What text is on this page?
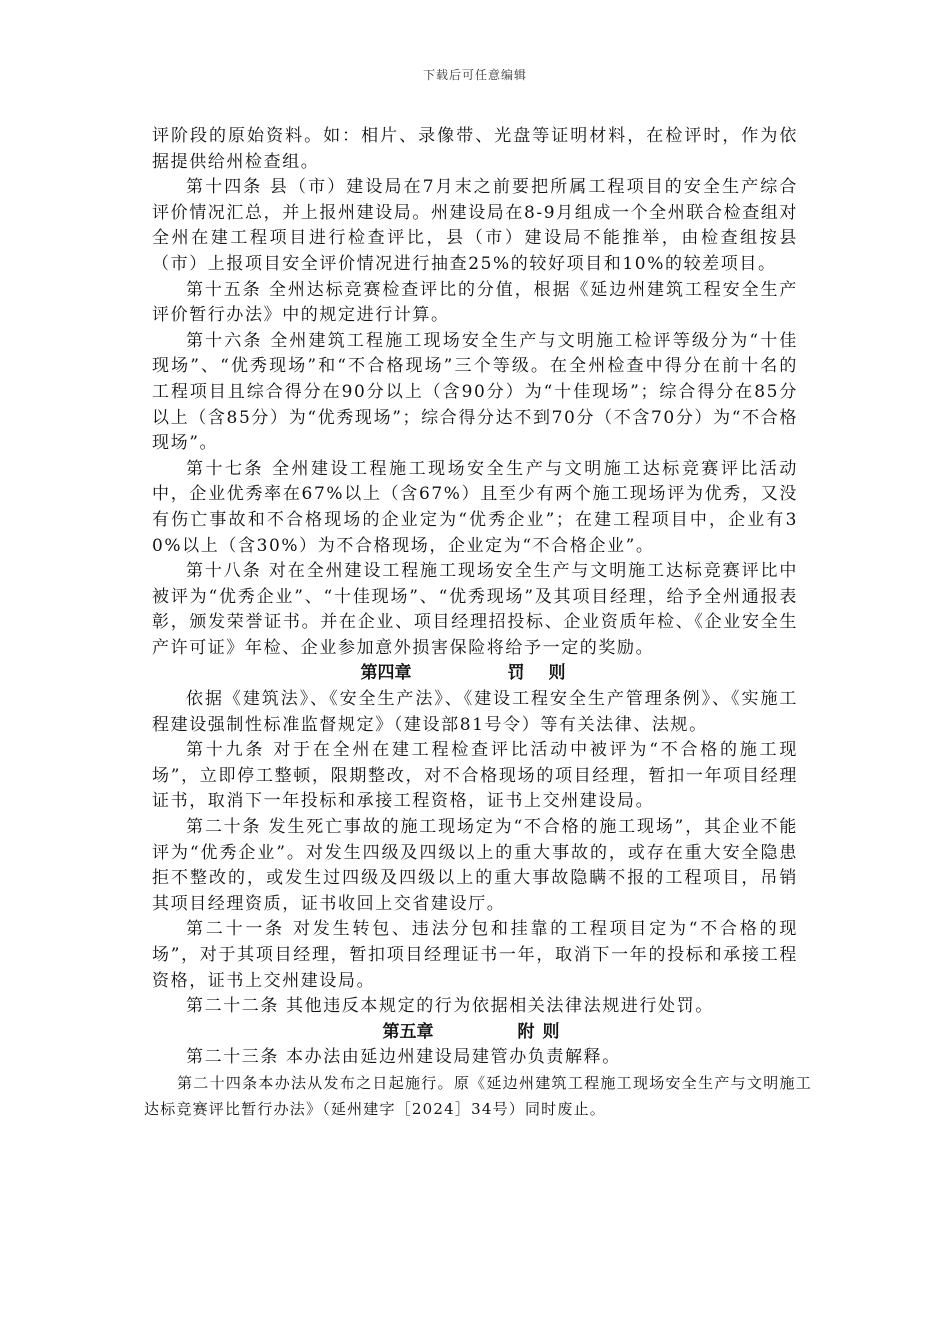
下载后可任意编辑

评阶段的原始资料。如：相片、录像带、光盘等证明材料，在检评时，作为依据提供给州检查组。

第十四条 县（市）建设局在7月末之前要把所属工程项目的安全生产综合评价情况汇总，并上报州建设局。州建设局在8-9月组成一个全州联合检查组对全州在建工程项目进行检查评比，县（市）建设局不能推举，由检查组按县（市）上报项目安全评价情况进行抽查25%的较好项目和10%的较差项目。

第十五条 全州达标竞赛检查评比的分值，根据《延边州建筑工程安全生产评价暂行办法》中的规定进行计算。

第十六条 全州建筑工程施工现场安全生产与文明施工检评等级分为“十佳现场”、“优秀现场”和“不合格现场”三个等级。在全州检查中得分在前十名的工程项目且综合得分在90分以上（含90分）为“十佳现场”；综合得分在85分以上（含85分）为“优秀现场”；综合得分达不到70分（不含70分）为“不合格现场”。

第十七条 全州建设工程施工现场安全生产与文明施工达标竞赛评比活动中，企业优秀率在67%以上（含67%）且至少有两个施工现场评为优秀，又没有伤亡事故和不合格现场的企业定为“优秀企业”；在建工程项目中，企业有30%以上（含30%）为不合格现场，企业定为“不合格企业”。

第十八条 对在全州建设工程施工现场安全生产与文明施工达标竞赛评比中被评为“优秀企业”、“十佳现场”、“优秀现场”及其项目经理，给予全州通报表彰，颁发荣誉证书。并在企业、项目经理招投标、企业资质年检、《企业安全生产许可证》年检、企业参加意外损害保险将给予一定的奖励。

第四章	罚则

依据《建筑法》、《安全生产法》、《建设工程安全生产管理条例》、《实施工程建设强制性标准监督规定》（建设部81号令）等有关法律、法规。

第十九条 对于在全州在建工程检查评比活动中被评为“不合格的施工现场”，立即停工整顿，限期整改，对不合格现场的项目经理，暂扣一年项目经理证书，取消下一年投标和承接工程资格，证书上交州建设局。

第二十条 发生死亡事故的施工现场定为“不合格的施工现场”，其企业不能评为“优秀企业”。对发生四级及四级以上的重大事故的，或存在重大安全隐患拒不整改的，或发生过四级及四级以上的重大事故隐瞒不报的工程项目，吊销其项目经理资质，证书收回上交省建设厅。

第二十一条 对发生转包、违法分包和挂靠的工程项目定为“不合格的现场”，对于其项目经理，暂扣项目经理证书一年，取消下一年的投标和承接工程资格，证书上交州建设局。

第二十二条 其他违反本规定的行为依据相关法律法规进行处罚。

第五章	附则

第二十三条 本办法由延边州建设局建管办负责解释。

第二十四条本办法从发布之日起施行。原《延边州建筑工程施工现场安全生产与文明施工达标竞赛评比暂行办法》（延州建字［2024］34号）同时废止。
